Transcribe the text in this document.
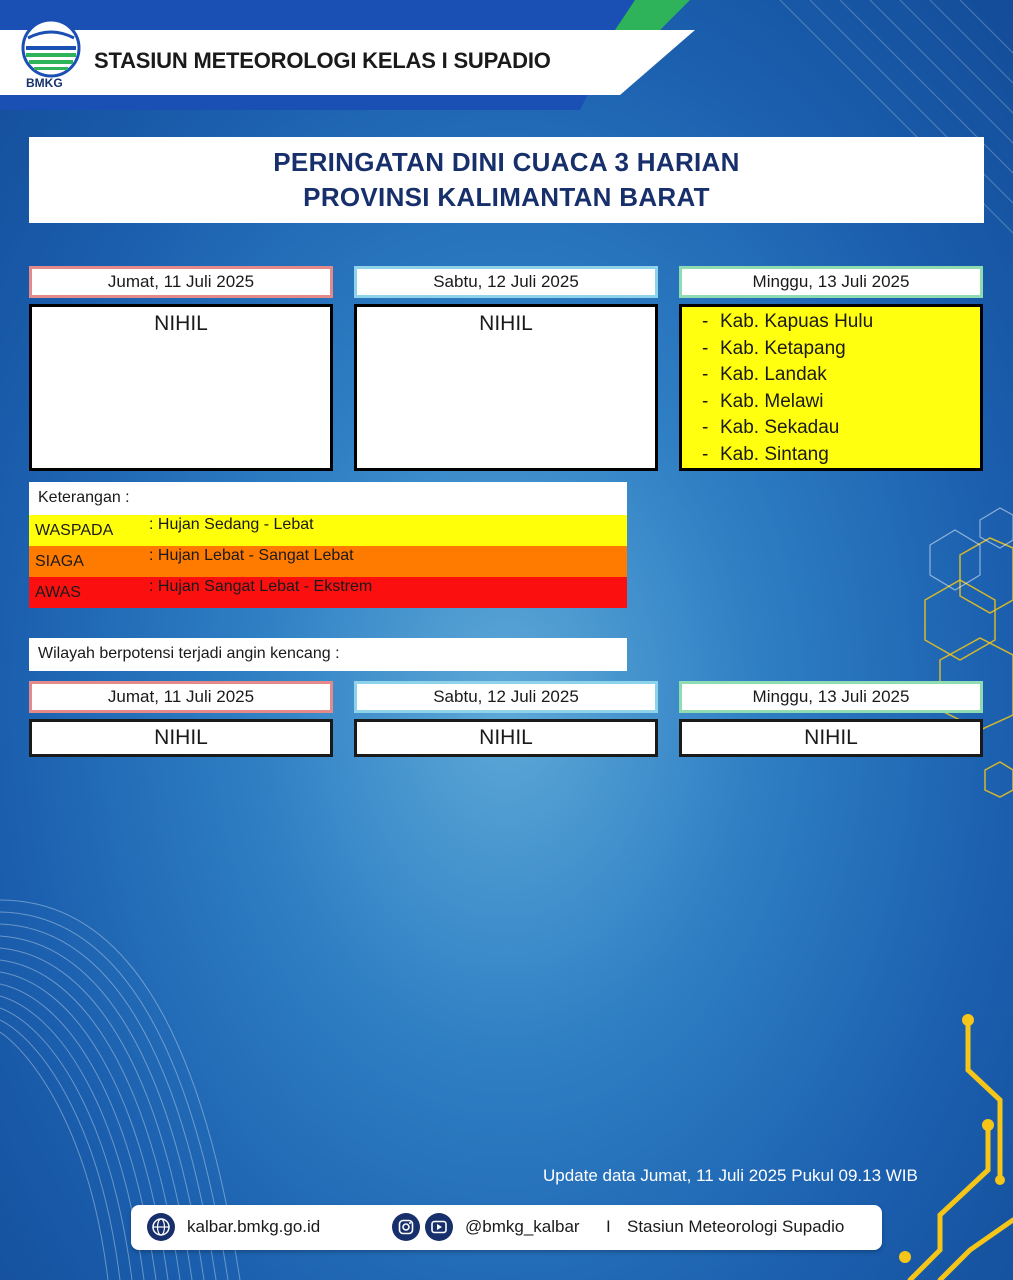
BMKG
STASIUN METEOROLOGI KELAS I SUPADIO
PERINGATAN DINI CUACA 3 HARIAN
PROVINSI KALIMANTAN BARAT
Jumat, 11 Juli 2025	Sabtu, 12 Juli 2025	Minggu, 13 Juli 2025
NIHIL	NIHIL	- Kab. Kapuas Hulu
- Kab. Ketapang
- Kab. Landak
- Kab. Melawi
- Kab. Sekadau
- Kab. Sintang
Keterangan :
WASPADA : Hujan Sedang - Lebat
SIAGA	: Hujan Lebat - Sangat Lebat
AWAS	: Hujan Sangat Lebat - Ekstrem
Wilayah berpotensi terjadi angin kencang :
Jumat, 11 Juli 2025	Sabtu, 12 Juli 2025	Minggu, 13 Juli 2025
NIHIL	NIHIL	NIHIL
Update data Jumat, 11 Juli 2025 Pukul 09.13 WIB
kalbar.bmkg.go.id	@bmkg_kalbar I Stasiun Meteorologi Supadio
